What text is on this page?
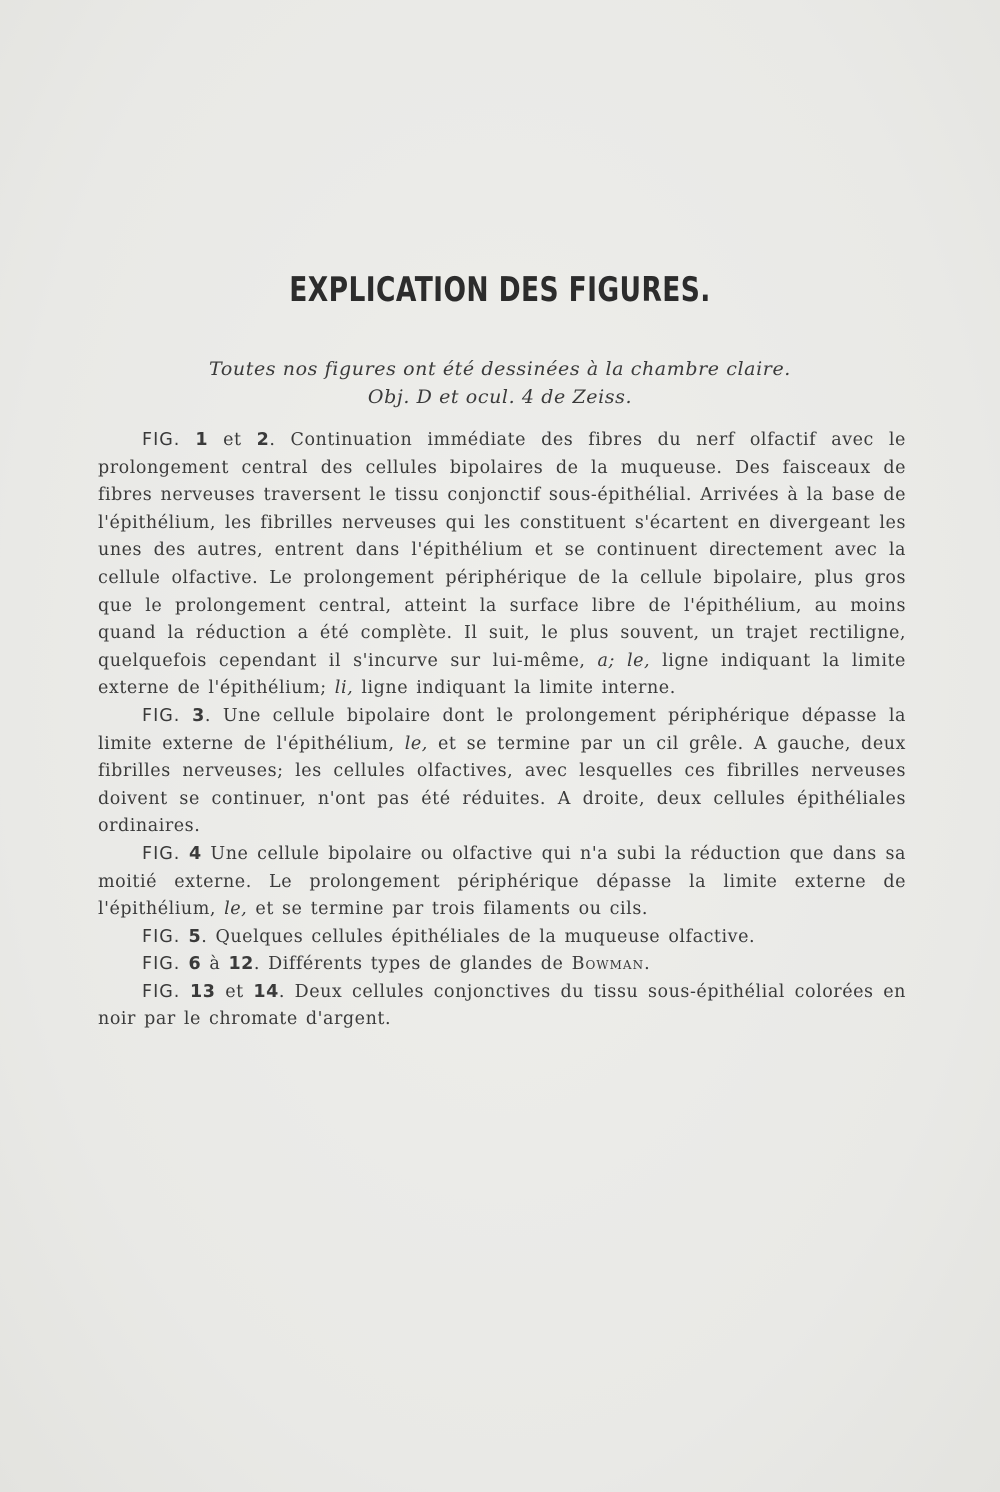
EXPLICATION DES FIGURES.
Toutes nos figures ont été dessinées à la chambre claire.
Obj. D et ocul. 4 de Zeiss.

FIG. 1 et 2. Continuation immédiate des fibres du nerf olfactif avec le prolongement central des cellules bipolaires de la muqueuse. Des faisceaux de fibres nerveuses traversent le tissu conjonctif sous-épithélial. Arrivées à la base de l'épithélium, les fibrilles nerveuses qui les constituent s'écartent en divergeant les unes des autres, entrent dans l'épithélium et se continuent directement avec la cellule olfactive. Le prolongement périphérique de la cellule bipolaire, plus gros que le prolongement central, atteint la surface libre de l'épithélium, au moins quand la réduction a été complète. Il suit, le plus souvent, un trajet rectiligne, quelquefois cependant il s'incurve sur lui-même, a; le, ligne indiquant la limite externe de l'épithélium; li, ligne indiquant la limite interne.

FIG. 3. Une cellule bipolaire dont le prolongement périphérique dépasse la limite externe de l'épithélium, le, et se termine par un cil grêle. A gauche, deux fibrilles nerveuses; les cellules olfactives, avec lesquelles ces fibrilles nerveuses doivent se continuer, n'ont pas été réduites. A droite, deux cellules épithéliales ordinaires.

FIG. 4 Une cellule bipolaire ou olfactive qui n'a subi la réduction que dans sa moitié externe. Le prolongement périphérique dépasse la limite externe de l'épithélium, le, et se termine par trois filaments ou cils.

FIG. 5. Quelques cellules épithéliales de la muqueuse olfactive.

FIG. 6 à 12. Différents types de glandes de Bowman.

FIG. 13 et 14. Deux cellules conjonctives du tissu sous-épithélial colorées en noir par le chromate d'argent.
